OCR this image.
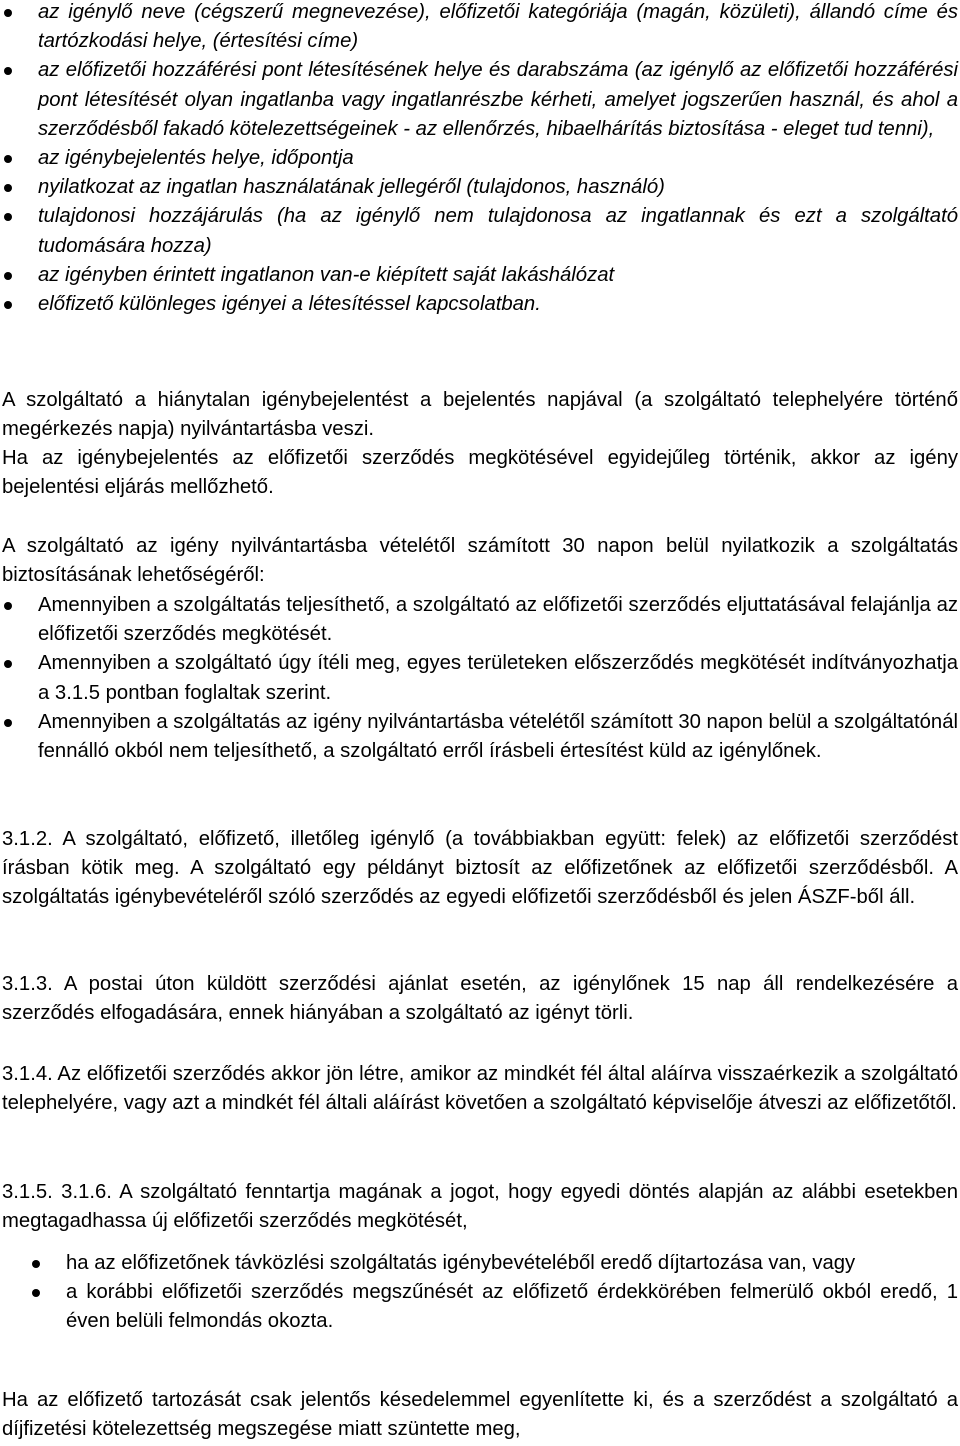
az igénylő neve (cégszerű megnevezése), előfizetői kategóriája (magán, közületi), állandó címe és tartózkodási helye, (értesítési címe)
az előfizetői hozzáférési pont létesítésének helye és darabszáma (az igénylő az előfizetői hozzáférési pont létesítését olyan ingatlanba vagy ingatlanrészbe kérheti, amelyet jogszerűen használ, és ahol a szerződésből fakadó kötelezettségeinek - az ellenőrzés, hibaelhárítás biztosítása - eleget tud tenni),
az igénybejelentés helye, időpontja
nyilatkozat az ingatlan használatának jellegéről (tulajdonos, használó)
tulajdonosi hozzájárulás (ha az igénylő nem tulajdonosa az ingatlannak és ezt a szolgáltató tudomására hozza)
az igényben érintett ingatlanon van-e kiépített saját lakáshálózat
előfizető különleges igényei a létesítéssel kapcsolatban.

A szolgáltató a hiánytalan igénybejelentést a bejelentés napjával (a szolgáltató telephelyére történő megérkezés napja) nyilvántartásba veszi.

Ha az igénybejelentés az előfizetői szerződés megkötésével egyidejűleg történik, akkor az igény bejelentési eljárás mellőzhető.

A szolgáltató az igény nyilvántartásba vételétől számított 30 napon belül nyilatkozik a szolgáltatás biztosításának lehetőségéről:

Amennyiben a szolgáltatás teljesíthető, a szolgáltató az előfizetői szerződés eljuttatásával felajánlja az előfizetői szerződés megkötését.
Amennyiben a szolgáltató úgy ítéli meg, egyes területeken előszerződés megkötését indítványozhatja a 3.1.5 pontban foglaltak szerint.
Amennyiben a szolgáltatás az igény nyilvántartásba vételétől számított 30 napon belül a szolgáltatónál fennálló okból nem teljesíthető, a szolgáltató erről írásbeli értesítést küld az igénylőnek.

3.1.2. A szolgáltató, előfizető, illetőleg igénylő (a továbbiakban együtt: felek) az előfizetői szerződést írásban kötik meg. A szolgáltató egy példányt biztosít az előfizetőnek az előfizetői szerződésből. A szolgáltatás igénybevételéről szóló szerződés az egyedi előfizetői szerződésből és jelen ÁSZF-ből áll.

3.1.3. A postai úton küldött szerződési ajánlat esetén, az igénylőnek 15 nap áll rendelkezésére a szerződés elfogadására, ennek hiányában a szolgáltató az igényt törli.

3.1.4. Az előfizetői szerződés akkor jön létre, amikor az mindkét fél által aláírva visszaérkezik a szolgáltató telephelyére, vagy azt a mindkét fél általi aláírást követően a szolgáltató képviselője átveszi az előfizetőtől.

3.1.5. 3.1.6. A szolgáltató fenntartja magának a jogot, hogy egyedi döntés alapján az alábbi esetekben megtagadhassa új előfizetői szerződés megkötését,

ha az előfizetőnek távközlési szolgáltatás igénybevételéből eredő díjtartozása van, vagy
a korábbi előfizetői szerződés megszűnését az előfizető érdekkörében felmerülő okból eredő, 1 éven belüli felmondás okozta.

Ha az előfizető tartozását csak jelentős késedelemmel egyenlítette ki, és a szerződést a szolgáltató a díjfizetési kötelezettség megszegése miatt szüntette meg,
